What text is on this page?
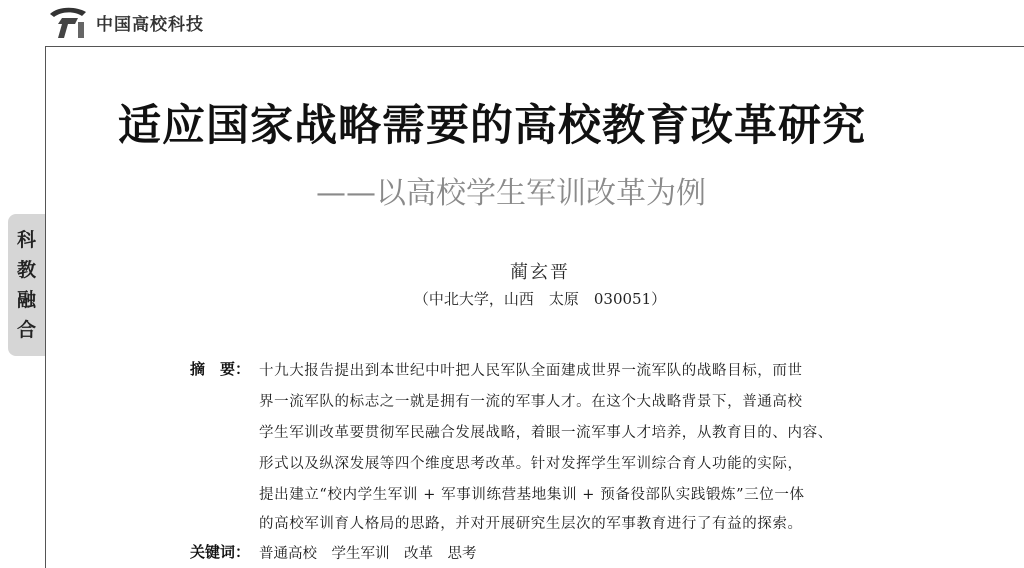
中国高校科技
科
教
融
合
适应国家战略需要的高校教育改革研究
——以高校学生军训改革为例
蔺玄晋
（中北大学，山西　太原　030051）
摘　要： 十九大报告提出到本世纪中叶把人民军队全面建成世界一流军队的战略目标，而世
界一流军队的标志之一就是拥有一流的军事人才。在这个大战略背景下，普通高校
学生军训改革要贯彻军民融合发展战略，着眼一流军事人才培养，从教育目的、内容、
形式以及纵深发展等四个维度思考改革。针对发挥学生军训综合育人功能的实际，
提出建立“校内学生军训 + 军事训练营基地集训 + 预备役部队实践锻炼”三位一体
的高校军训育人格局的思路，并对开展研究生层次的军事教育进行了有益的探索。
关键词： 普通高校　学生军训　改革　思考
